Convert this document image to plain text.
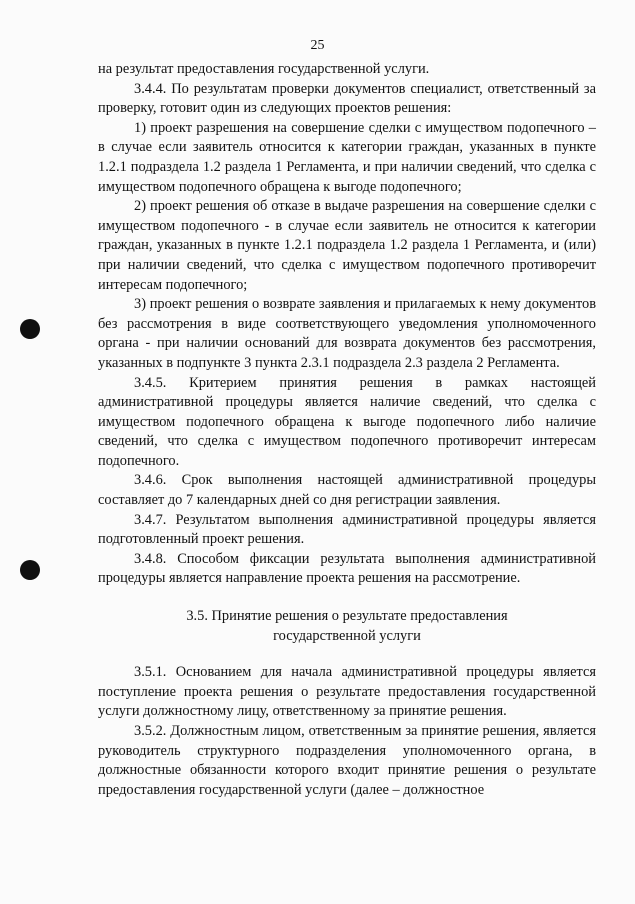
25

на результат предоставления государственной услуги.

3.4.4. По результатам проверки документов специалист, ответственный за проверку, готовит один из следующих проектов решения:

1) проект разрешения на совершение сделки с имуществом подопечного – в случае если заявитель относится к категории граждан, указанных в пункте 1.2.1 подраздела 1.2 раздела 1 Регламента, и при наличии сведений, что сделка с имуществом подопечного обращена к выгоде подопечного;

2) проект решения об отказе в выдаче разрешения на совершение сделки с имуществом подопечного - в случае если заявитель не относится к категории граждан, указанных в пункте 1.2.1 подраздела 1.2 раздела 1 Регламента, и (или) при наличии сведений, что сделка с имуществом подопечного противоречит интересам подопечного;

3) проект решения о возврате заявления и прилагаемых к нему документов без рассмотрения в виде соответствующего уведомления уполномоченного органа - при наличии оснований для возврата документов без рассмотрения, указанных в подпункте 3 пункта 2.3.1 подраздела 2.3 раздела 2 Регламента.

3.4.5. Критерием принятия решения в рамках настоящей административной процедуры является наличие сведений, что сделка с имуществом подопечного обращена к выгоде подопечного либо наличие сведений, что сделка с имуществом подопечного противоречит интересам подопечного.

3.4.6. Срок выполнения настоящей административной процедуры составляет до 7 календарных дней со дня регистрации заявления.

3.4.7. Результатом выполнения административной процедуры является подготовленный проект решения.

3.4.8. Способом фиксации результата выполнения административной процедуры является направление проекта решения на рассмотрение.

3.5. Принятие решения о результате предоставления
государственной услуги

3.5.1. Основанием для начала административной процедуры является поступление проекта решения о результате предоставления государственной услуги должностному лицу, ответственному за принятие решения.

3.5.2. Должностным лицом, ответственным за принятие решения, является руководитель структурного подразделения уполномоченного органа, в должностные обязанности которого входит принятие решения о результате предоставления государственной услуги (далее – должностное
